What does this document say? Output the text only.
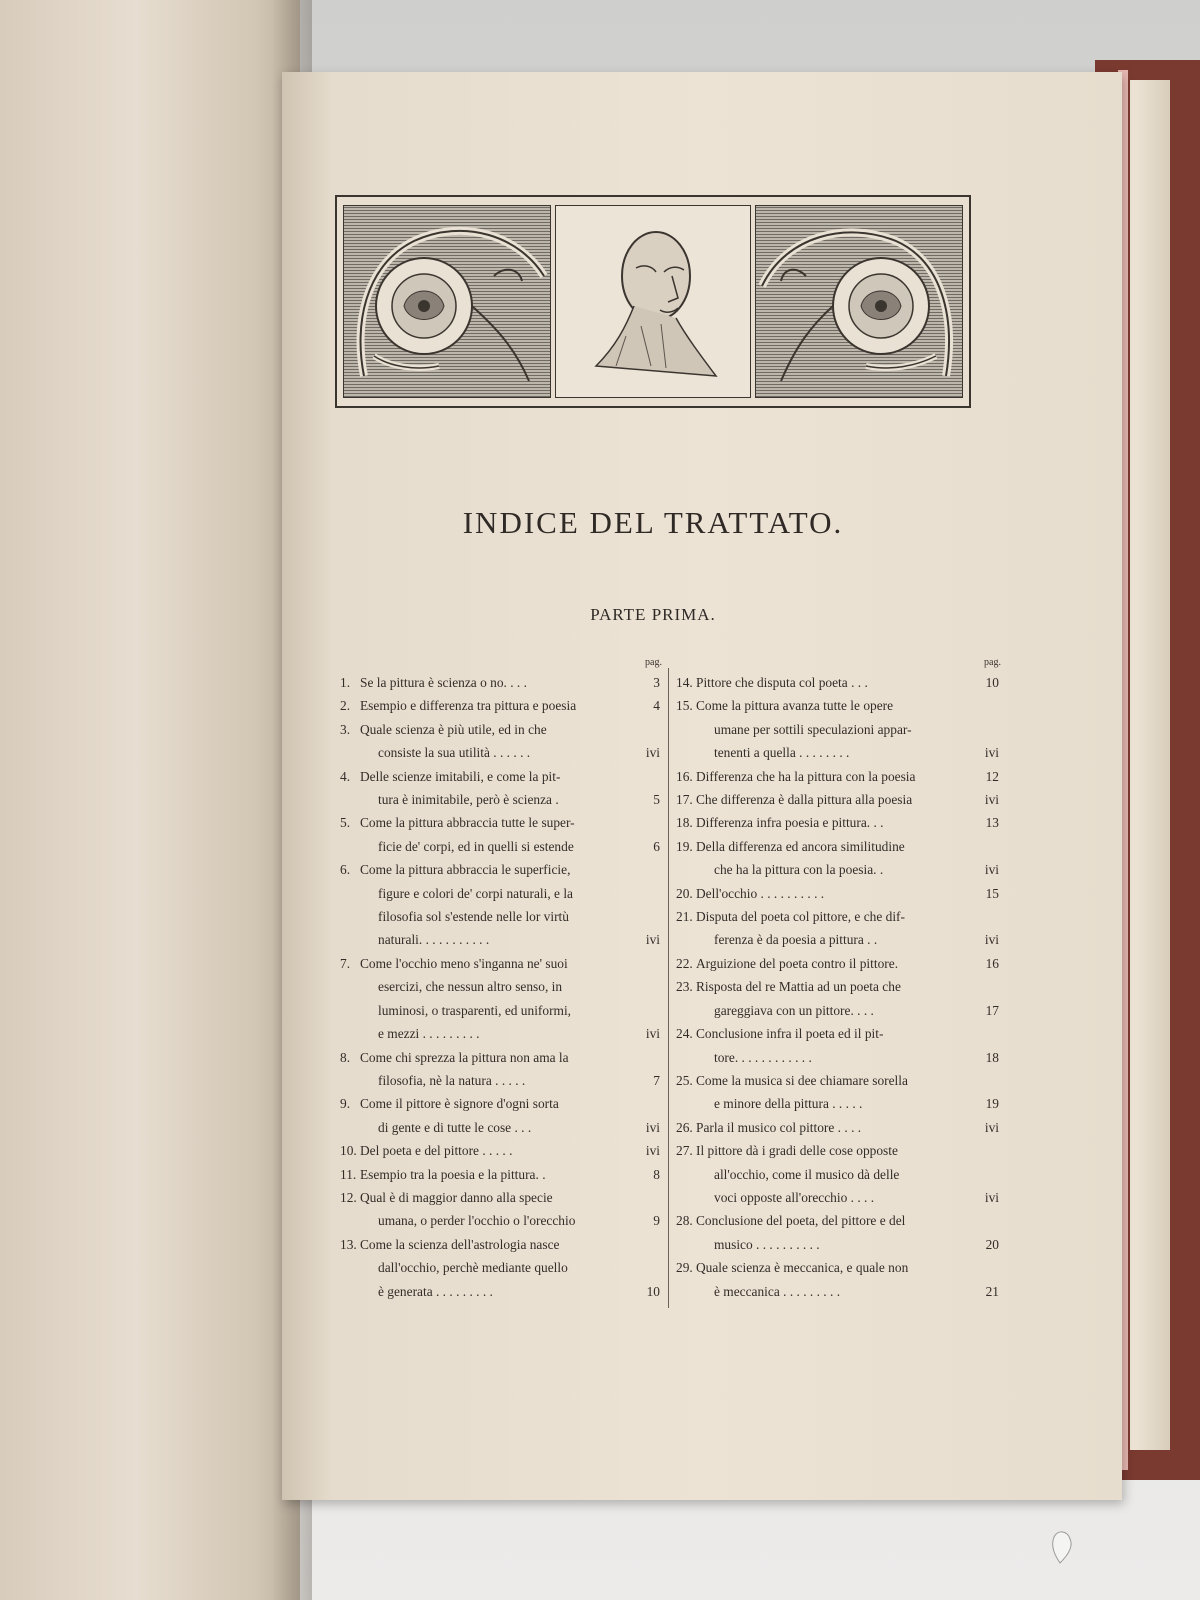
INDICE DEL TRATTATO.
PARTE PRIMA.
pag.
1. Se la pittura è scienza o no. . . .	3
2. Esempio e differenza tra pittura e poesia	4
3. Quale scienza è più utile, ed in che
consiste la sua utilità . . . . . .	ivi
4. Delle scienze imitabili, e come la pit-
tura è inimitabile, però è scienza .	5
5. Come la pittura abbraccia tutte le super-
ficie de' corpi, ed in quelli si estende	6
6. Come la pittura abbraccia le superficie,
figure e colori de' corpi naturali, e la
filosofia sol s'estende nelle lor virtù
naturali. . . . . . . . . . .	ivi
7. Come l'occhio meno s'inganna ne' suoi
esercizi, che nessun altro senso, in
luminosi, o trasparenti, ed uniformi,
e mezzi . . . . . . . . .	ivi
8. Come chi sprezza la pittura non ama la
filosofia, nè la natura . . . . .	7
9. Come il pittore è signore d'ogni sorta
di gente e di tutte le cose . . .	ivi
10. Del poeta e del pittore . . . . .	ivi
11. Esempio tra la poesia e la pittura. .	8
12. Qual è di maggior danno alla specie
umana, o perder l'occhio o l'orecchio	9
13. Come la scienza dell'astrologia nasce
dall'occhio, perchè mediante quello
è generata . . . . . . . . .	10
pag.
14. Pittore che disputa col poeta . . .	10
15. Come la pittura avanza tutte le opere
umane per sottili speculazioni appar-
tenenti a quella . . . . . . . .	ivi
16. Differenza che ha la pittura con la poesia	12
17. Che differenza è dalla pittura alla poesia	ivi
18. Differenza infra poesia e pittura. . .	13
19. Della differenza ed ancora similitudine
che ha la pittura con la poesia. .	ivi
20. Dell'occhio . . . . . . . . . .	15
21. Disputa del poeta col pittore, e che dif-
ferenza è da poesia a pittura . .	ivi
22. Arguizione del poeta contro il pittore.	16
23. Risposta del re Mattia ad un poeta che
gareggiava con un pittore. . . .	17
24. Conclusione infra il poeta ed il pit-
tore. . . . . . . . . . . .	18
25. Come la musica si dee chiamare sorella
e minore della pittura . . . . .	19
26. Parla il musico col pittore . . . .	ivi
27. Il pittore dà i gradi delle cose opposte
all'occhio, come il musico dà delle
voci opposte all'orecchio . . . .	ivi
28. Conclusione del poeta, del pittore e del
musico . . . . . . . . . .	20
29. Quale scienza è meccanica, e quale non
è meccanica . . . . . . . . .	21
